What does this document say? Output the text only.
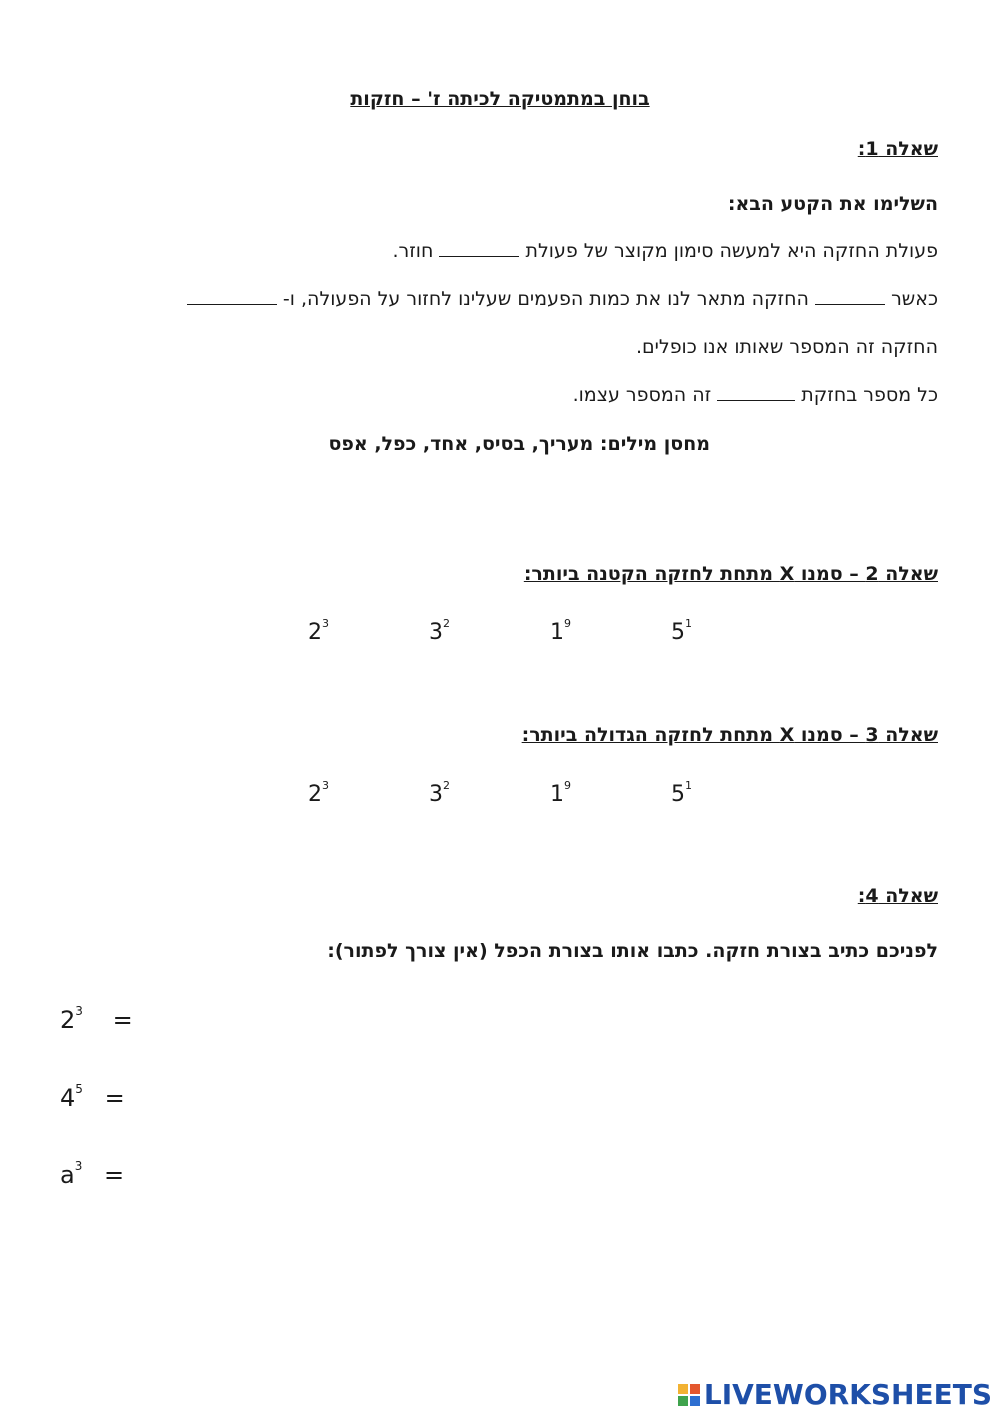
בוחן במתמטיקה לכיתה ז' – חזקות
שאלה 1:
השלימו את הקטע הבא:
פעולת החזקה היא למעשה סימון מקוצר של פעולת  חוזר.
כאשר  החזקה מתאר לנו את כמות הפעמים שעלינו לחזור על הפעולה, ו-
החזקה זה המספר שאותו אנו כופלים.
כל מספר בחזקת  זה המספר עצמו.
מחסן מילים: מעריך, בסיס, אחד, כפל, אפס
שאלה 2 – סמנו X מתחת לחזקה הקטנה ביותר:
$2^3$	$3^2$	$1^9$	$5^1$
שאלה 3 – סמנו X מתחת לחזקה הגדולה ביותר:
$2^3$	$3^2$	$1^9$	$5^1$
שאלה 4:
לפניכם כתיב בצורת חזקה. כתבו אותו בצורת הכפל (אין צורך לפתור):
$2^3$ =
$4^5$ =
$a^3$ =
LIVEWORKSHEETS
